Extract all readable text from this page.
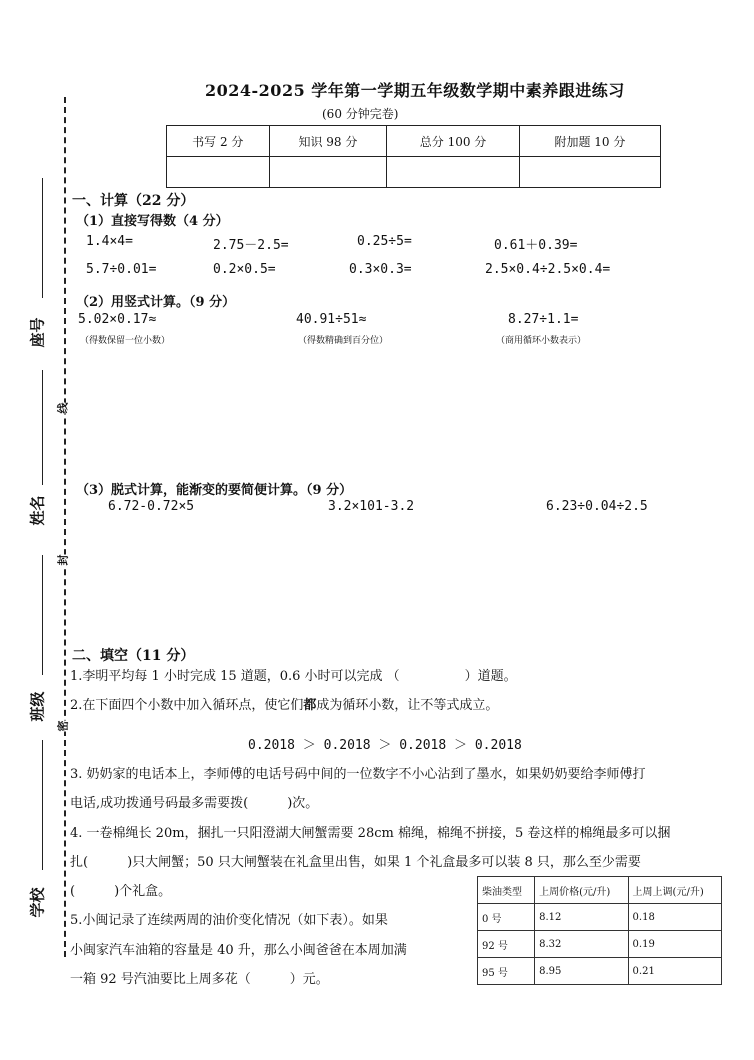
2024-2025 学年第一学期五年级数学期中素养跟进练习
(60 分钟完卷)
书写 2 分	知识 98 分	总分 100 分	附加题 10 分

座号
姓名
班级
学校
线
封
密
一、计算（22 分）
（1）直接写得数（4 分）
1.4×4=	2.75－2.5=	0.25÷5=	0.61＋0.39=
5.7÷0.01=	0.2×0.5=	0.3×0.3=	2.5×0.4÷2.5×0.4=
（2）用竖式计算。（9 分）
5.02×0.17≈
（得数保留一位小数）
40.91÷51≈
（得数精确到百分位）
8.27÷1.1=
（商用循环小数表示）
（3）脱式计算，能渐变的要简便计算。（9 分）
6.72-0.72×5	3.2×101-3.2	6.23÷0.04÷2.5
二、填空（11 分）
1.李明平均每 1 小时完成 15 道题，0.6 小时可以完成 （　　　　　）道题。
2.在下面四个小数中加入循环点，使它们都成为循环小数，让不等式成立。
0.2018 ＞ 0.2018 ＞ 0.2018 ＞ 0.2018
3. 奶奶家的电话本上，李师傅的电话号码中间的一位数字不小心沾到了墨水，如果奶奶要给李师傅打
电话,成功拨通号码最多需要拨(　　　)次。
4. 一卷棉绳长 20m，捆扎一只阳澄湖大闸蟹需要 28cm 棉绳，棉绳不拼接，5 卷这样的棉绳最多可以捆
扎(　　　)只大闸蟹；50 只大闸蟹装在礼盒里出售，如果 1 个礼盒最多可以装 8 只，那么至少需要
(　　　)个礼盒。
5.小闽记录了连续两周的油价变化情况（如下表）。如果
小闽家汽车油箱的容量是 40 升，那么小闽爸爸在本周加满
一箱 92 号汽油要比上周多花（　　　）元。
柴油类型	上周价格(元/升)	上周上调(元/升)
0 号	8.12	0.18
92 号	8.32	0.19
95 号	8.95	0.21
